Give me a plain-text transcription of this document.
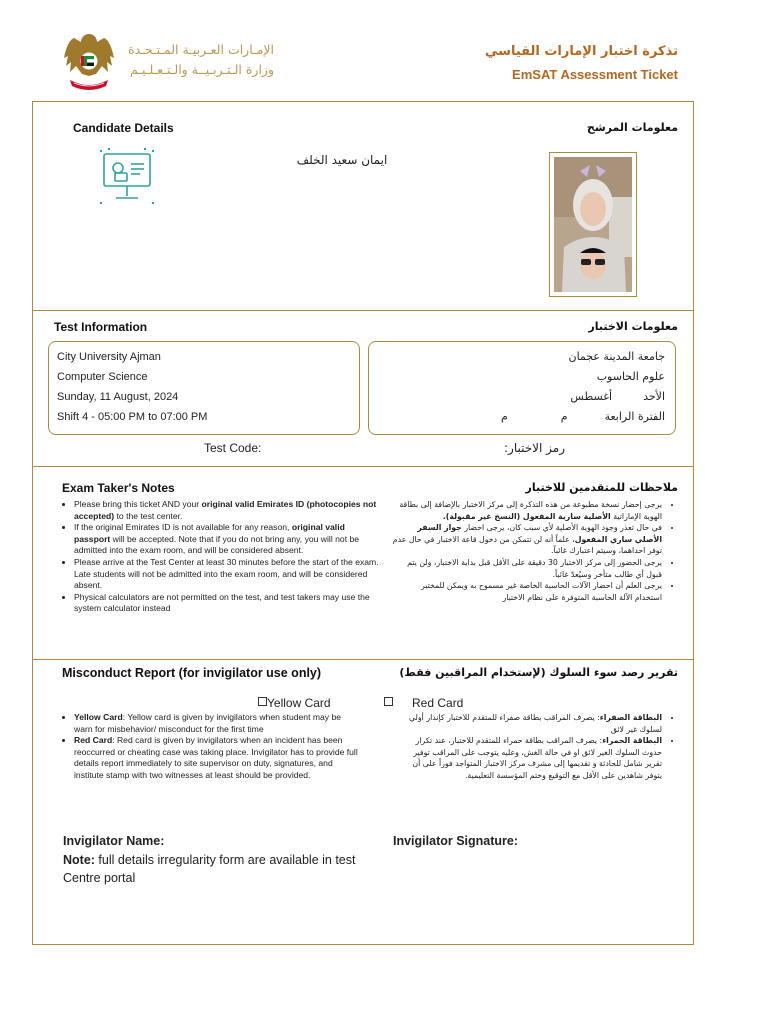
الإمـارات العـربيـة المـتـحـدة
وزارة الـتـربـيــة والـتـعـلـيـم
تذكرة اختبار الإمارات القياسي
EmSAT Assessment Ticket
Candidate Details	معلومات المرشح
ايمان سعيد الخلف
Test Information	معلومات الاختبار
City University Ajman
Computer Science
Sunday, 11 August, 2024
Shift 4 - 05:00 PM to 07:00 PM
جامعة المدينة عجمان
علوم الحاسوب
الأحد  أغسطس
الفترة الرابعة  م  م
Test Code:	رمز الاختبار:
Exam Taker's Notes	ملاحظات للمتقدمين للاختبار
• Please bring this ticket AND your original valid Emirates ID (photocopies not accepted) to the test center.
• If the original Emirates ID is not available for any reason, original valid passport will be accepted. Note that if you do not bring any, you will not be admitted into the exam room, and will be considered absent.
• Please arrive at the Test Center at least 30 minutes before the start of the exam. Late students will not be admitted into the exam room, and will be considered absent.
• Physical calculators are not permitted on the test, and test takers may use the system calculator instead
• يرجى إحضار نسخة مطبوعة من هذه التذكرة إلى مركز الاختبار بالإضافة إلى بطاقة الهوية الإماراتية الأصلية سارية المفعول (النسخ غير مقبولة).
• في حال تعذر وجود الهوية الأصلية لأي سبب كان، يرجى احضار جواز السفر الأصلي ساري المفعول، علماً أنه لن تتمكن من دخول قاعة الاختبار في حال عدم توفر احداهما، وسيتم اعتبارك غائباً.
• يرجى الحضور إلى مركز الاختبار 30 دقيقة على الأقل قبل بداية الاختبار، ولن يتم قبول أي طالب متأخر وسيُعدّ غائباً.
• يرجى العلم أن احضار الآلات الحاسبة الخاصة غير مسموح به ويمكن للمختبر استخدام الآلة الحاسبة المتوفرة على نظام الاختبار
Misconduct Report (for invigilator use only)	تقرير رصد سوء السلوك (لإستخدام المراقبين فقط)
Yellow Card	Red Card
• Yellow Card: Yellow card is given by invigilators when student may be warn for misbehavior/ misconduct for the first time
• Red Card: Red card is given by invigilators when an incident has been reoccurred or cheating case was taking place. Invigilator has to provide full details report immediately to site supervisor on duty, signatures, and institute stamp with two witnesses at least should be provided.
• البطاقة الصفراء: يصرف المراقب بطاقة صفراء للمتقدم للاختبار كإنذار أولي لسلوك غير لائق
• البطاقة الحمراء: يصرف المراقب بطاقة حمراء للمتقدم للاختبار، عند تكرار حدوث السلوك الغير لائق او في حالة الغش، وعليه يتوجب على المراقب توفير تقرير شامل للحادثة و تقديمها إلى مشرف مركز الاختبار المتواجد فوراً على أن يتوفر شاهدين على الأقل مع التوقيع وختم المؤسسة التعليمية.
Invigilator Name:	Invigilator Signature:
Note: full details irregularity form are available in test Centre portal
